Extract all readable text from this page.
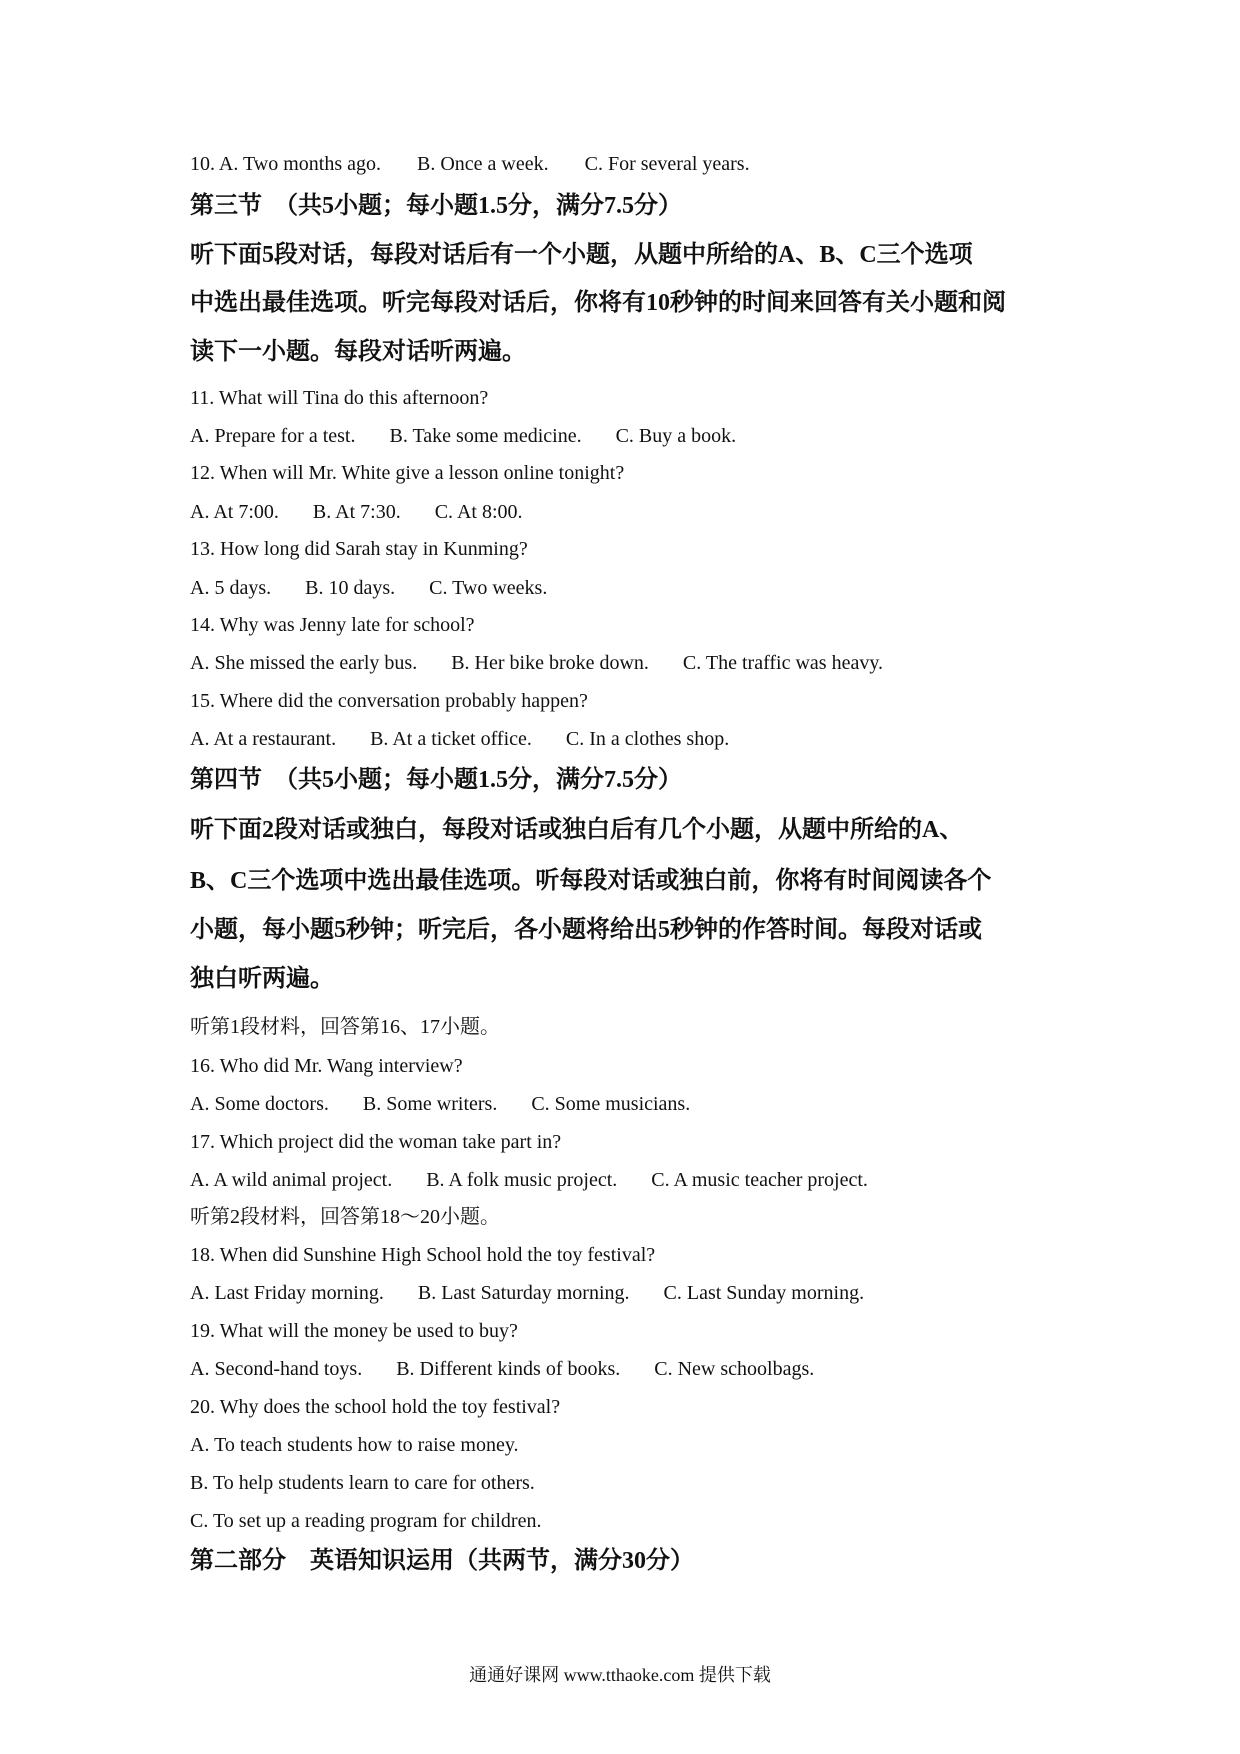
10. A. Two months ago. B. Once a week. C. For several years.
第三节　（共5小题；每小题1.5分，满分7.5分）
听下面5段对话，每段对话后有一个小题，从题中所给的A、B、C三个选项
中选出最佳选项。听完每段对话后，你将有10秒钟的时间来回答有关小题和阅
读下一小题。每段对话听两遍。
11. What will Tina do this afternoon?
A. Prepare for a test. B. Take some medicine. C. Buy a book.
12. When will Mr. White give a lesson online tonight?
A. At 7:00. B. At 7:30. C. At 8:00.
13. How long did Sarah stay in Kunming?
A. 5 days. B. 10 days. C. Two weeks.
14. Why was Jenny late for school?
A. She missed the early bus. B. Her bike broke down. C. The traffic was heavy.
15. Where did the conversation probably happen?
A. At a restaurant. B. At a ticket office. C. In a clothes shop.
第四节　（共5小题；每小题1.5分，满分7.5分）
听下面2段对话或独白，每段对话或独白后有几个小题，从题中所给的A、
B、C三个选项中选出最佳选项。听每段对话或独白前，你将有时间阅读各个
小题，每小题5秒钟；听完后，各小题将给出5秒钟的作答时间。每段对话或
独白听两遍。
听第1段材料，回答第16、17小题。
16. Who did Mr. Wang interview?
A. Some doctors. B. Some writers. C. Some musicians.
17. Which project did the woman take part in?
A. A wild animal project. B. A folk music project. C. A music teacher project.
听第2段材料，回答第18～20小题。
18. When did Sunshine High School hold the toy festival?
A. Last Friday morning. B. Last Saturday morning. C. Last Sunday morning.
19. What will the money be used to buy?
A. Second-hand toys. B. Different kinds of books. C. New schoolbags.
20. Why does the school hold the toy festival?
A. To teach students how to raise money.
B. To help students learn to care for others.
C. To set up a reading program for children.
第二部分　英语知识运用（共两节，满分30分）
通通好课网 www.tthaoke.com 提供下载
